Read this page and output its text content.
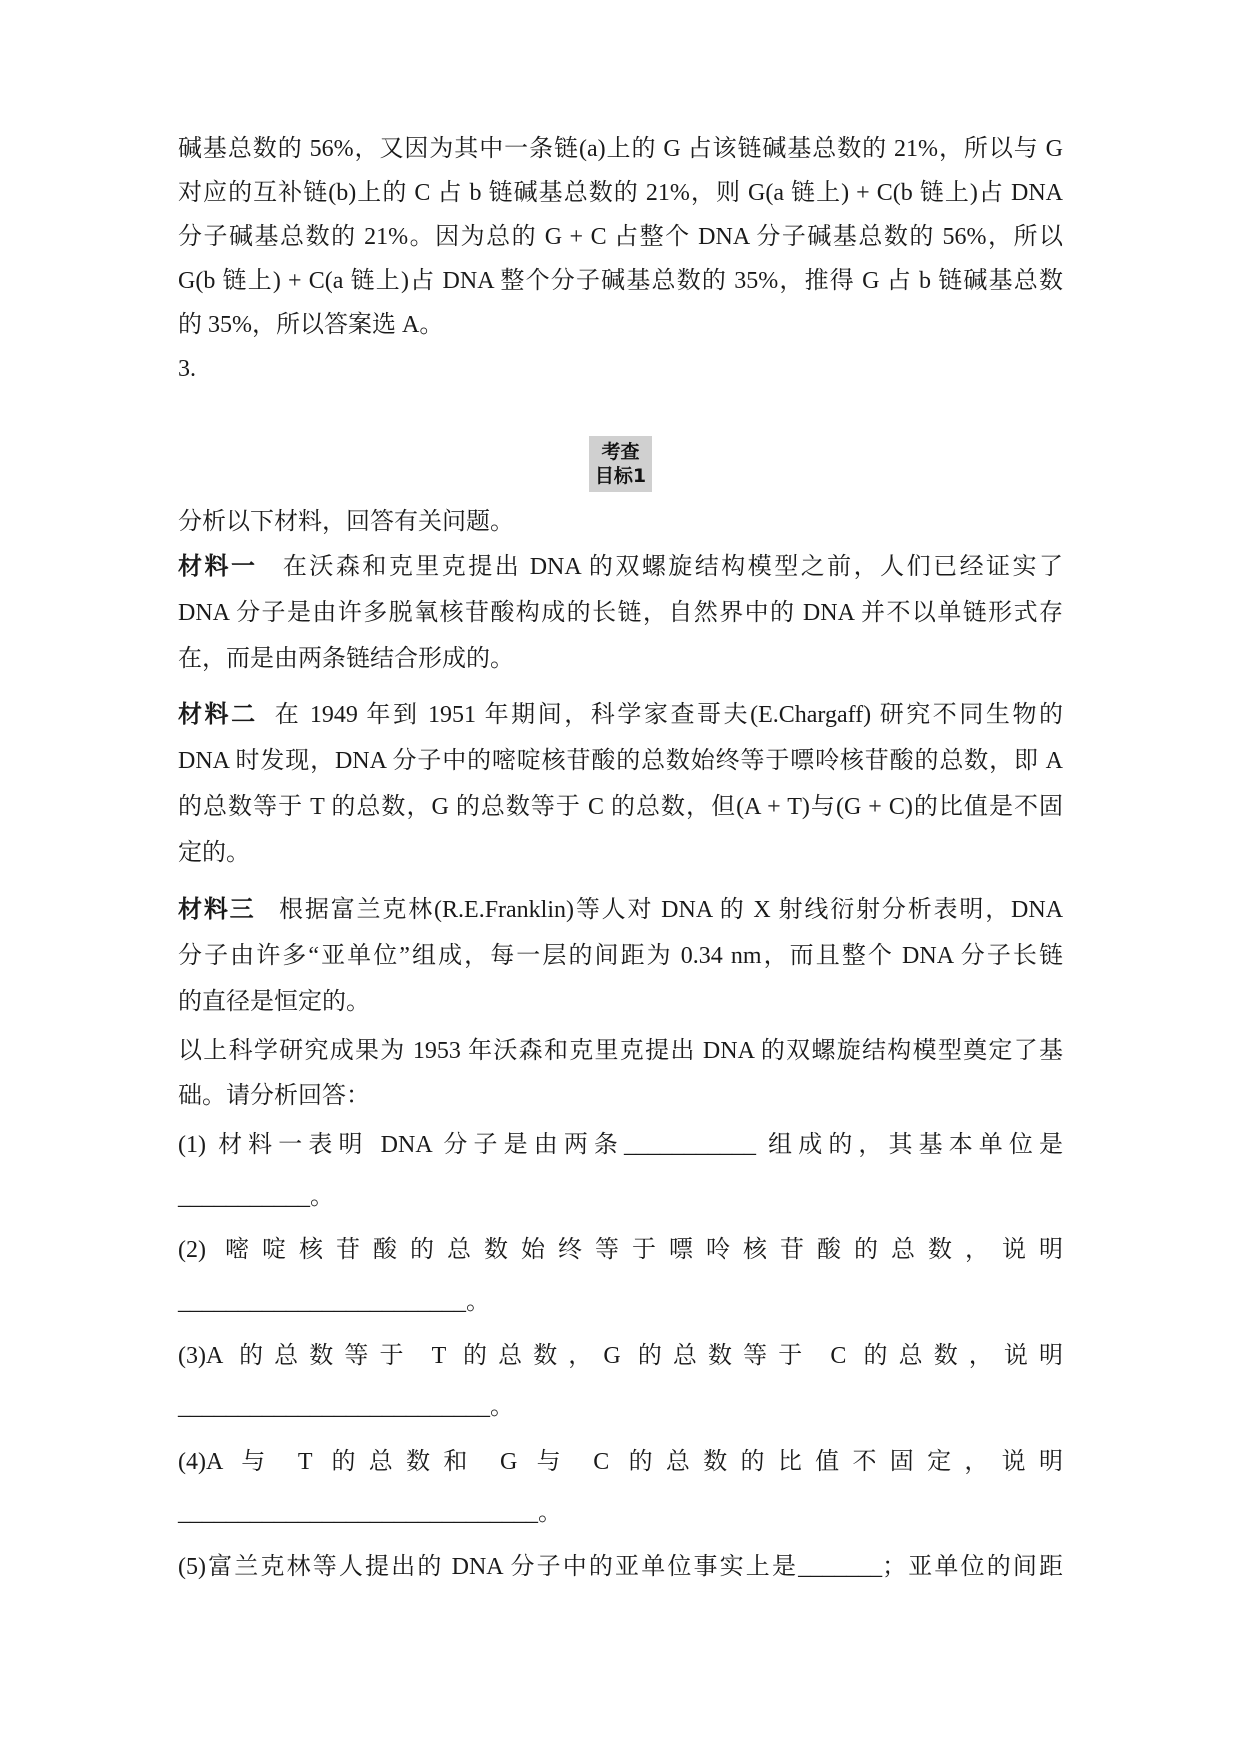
碱基总数的 56%，又因为其中一条链(a)上的 G 占该链碱基总数的 21%，所以与 G
对应的互补链(b)上的 C 占 b 链碱基总数的 21%，则 G(a 链上) + C(b 链上)占 DNA
分子碱基总数的 21%。因为总的 G + C 占整个 DNA 分子碱基总数的 56%，所以
G(b 链上) + C(a 链上)占 DNA 整个分子碱基总数的 35%，推得 G 占 b 链碱基总数
的 35%，所以答案选 A。
3.
考查
目标1
分析以下材料，回答有关问题。
材料一 在沃森和克里克提出 DNA 的双螺旋结构模型之前，人们已经证实了
DNA 分子是由许多脱氧核苷酸构成的长链，自然界中的 DNA 并不以单链形式存
在，而是由两条链结合形成的。
材料二 在 1949 年到 1951 年期间，科学家查哥夫(E.Chargaff) 研究不同生物的
DNA 时发现，DNA 分子中的嘧啶核苷酸的总数始终等于嘌呤核苷酸的总数，即 A
的总数等于 T 的总数，G 的总数等于 C 的总数，但(A + T)与(G + C)的比值是不固
定的。
材料三 根据富兰克林(R.E.Franklin)等人对 DNA 的 X 射线衍射分析表明，DNA
分子由许多“亚单位”组成，每一层的间距为 0.34 nm，而且整个 DNA 分子长链
的直径是恒定的。
以上科学研究成果为 1953 年沃森和克里克提出 DNA 的双螺旋结构模型奠定了基
础。请分析回答：
(1) 材料一表明 DNA 分子是由两条___________ 组成的，其基本单位是
___________。
(2) 嘧啶核苷酸的总数始终等于嘌呤核苷酸的总数，说明
________________________。
(3)A 的总数等于 T 的总数，G 的总数等于 C 的总数，说明
__________________________。
(4)A 与 T 的总数和 G 与 C 的总数的比值不固定，说明
______________________________。
(5)富兰克林等人提出的 DNA 分子中的亚单位事实上是_______；亚单位的间距
